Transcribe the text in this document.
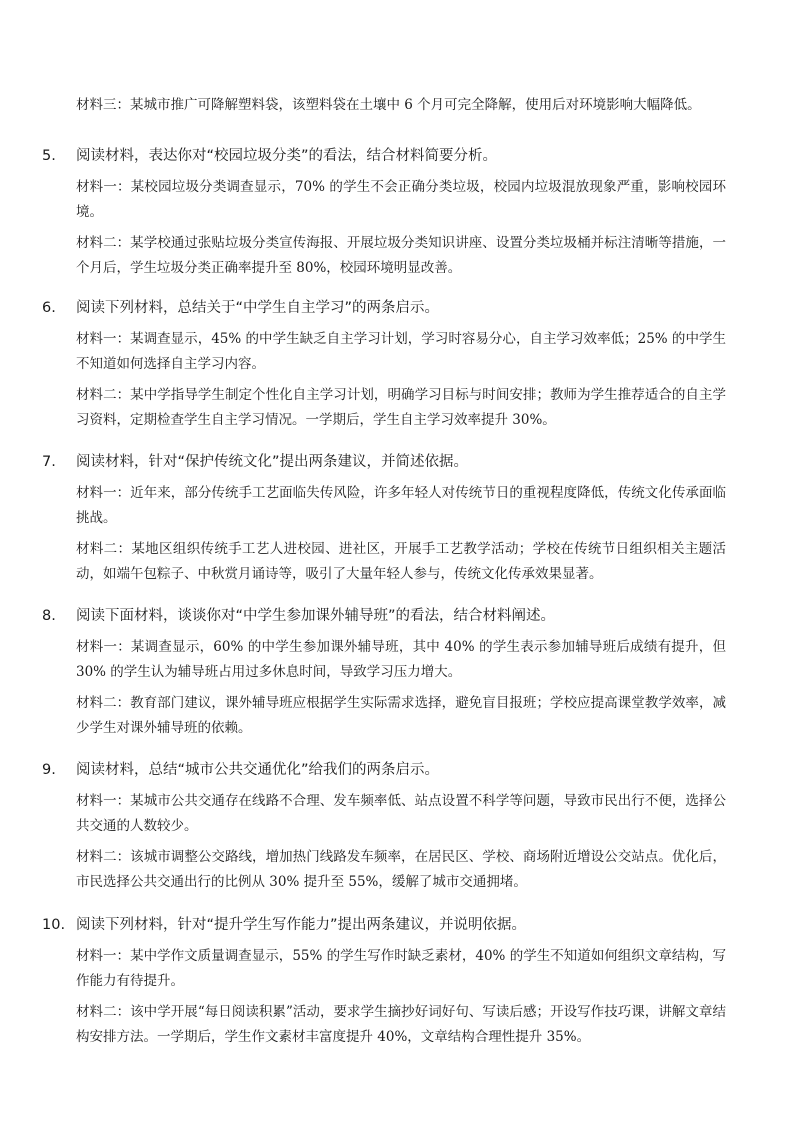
材料三：某城市推广可降解塑料袋，该塑料袋在土壤中 6 个月可完全降解，使用后对环境影响大幅降低。

5. 阅读材料，表达你对“校园垃圾分类”的看法，结合材料简要分析。

材料一：某校园垃圾分类调查显示，70% 的学生不会正确分类垃圾，校园内垃圾混放现象严重，影响校园环境。

材料二：某学校通过张贴垃圾分类宣传海报、开展垃圾分类知识讲座、设置分类垃圾桶并标注清晰等措施，一个月后，学生垃圾分类正确率提升至 80%，校园环境明显改善。

6. 阅读下列材料，总结关于“中学生自主学习”的两条启示。

材料一：某调查显示，45% 的中学生缺乏自主学习计划，学习时容易分心，自主学习效率低；25% 的中学生不知道如何选择自主学习内容。

材料二：某中学指导学生制定个性化自主学习计划，明确学习目标与时间安排；教师为学生推荐适合的自主学习资料，定期检查学生自主学习情况。一学期后，学生自主学习效率提升 30%。

7. 阅读材料，针对“保护传统文化”提出两条建议，并简述依据。

材料一：近年来，部分传统手工艺面临失传风险，许多年轻人对传统节日的重视程度降低，传统文化传承面临挑战。

材料二：某地区组织传统手工艺人进校园、进社区，开展手工艺教学活动；学校在传统节日组织相关主题活动，如端午包粽子、中秋赏月诵诗等，吸引了大量年轻人参与，传统文化传承效果显著。

8. 阅读下面材料，谈谈你对“中学生参加课外辅导班”的看法，结合材料阐述。

材料一：某调查显示，60% 的中学生参加课外辅导班，其中 40% 的学生表示参加辅导班后成绩有提升，但 30% 的学生认为辅导班占用过多休息时间，导致学习压力增大。

材料二：教育部门建议，课外辅导班应根据学生实际需求选择，避免盲目报班；学校应提高课堂教学效率，减少学生对课外辅导班的依赖。

9. 阅读材料，总结“城市公共交通优化”给我们的两条启示。

材料一：某城市公共交通存在线路不合理、发车频率低、站点设置不科学等问题，导致市民出行不便，选择公共交通的人数较少。

材料二：该城市调整公交路线，增加热门线路发车频率，在居民区、学校、商场附近增设公交站点。优化后，市民选择公共交通出行的比例从 30% 提升至 55%，缓解了城市交通拥堵。

10. 阅读下列材料，针对“提升学生写作能力”提出两条建议，并说明依据。

材料一：某中学作文质量调查显示，55% 的学生写作时缺乏素材，40% 的学生不知道如何组织文章结构，写作能力有待提升。

材料二：该中学开展“每日阅读积累”活动，要求学生摘抄好词好句、写读后感；开设写作技巧课，讲解文章结构安排方法。一学期后，学生作文素材丰富度提升 40%，文章结构合理性提升 35%。
